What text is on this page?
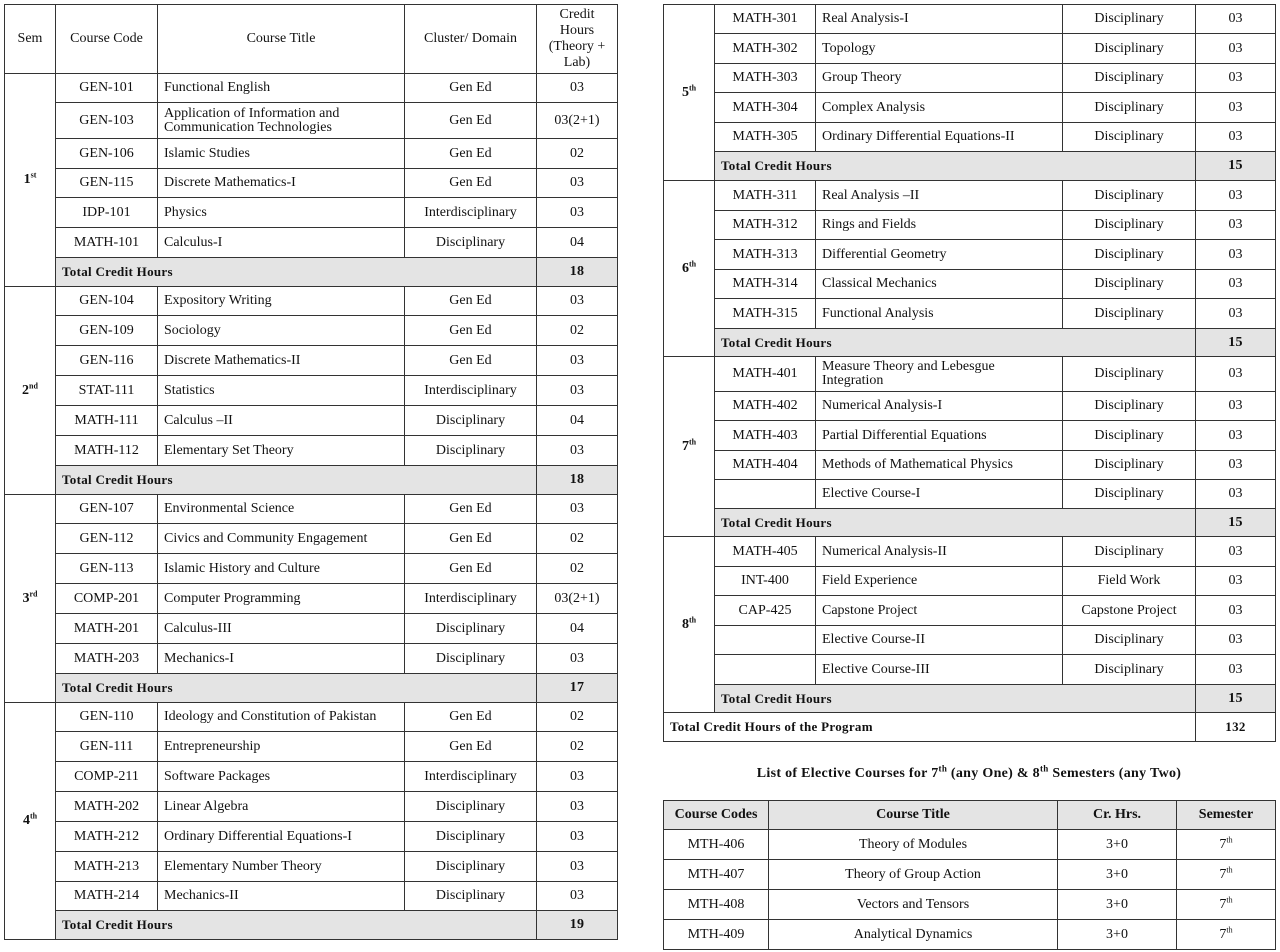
Sem	Course Code	Course Title	Cluster/ Domain	Credit Hours (Theory + Lab)
1st	GEN-101	Functional English	Gen Ed	03
	GEN-103	Application of Information and Communication Technologies	Gen Ed	03(2+1)
	GEN-106	Islamic Studies	Gen Ed	02
	GEN-115	Discrete Mathematics-I	Gen Ed	03
	IDP-101	Physics	Interdisciplinary	03
	MATH-101	Calculus-I	Disciplinary	04
	Total Credit Hours			18
2nd	GEN-104	Expository Writing	Gen Ed	03
	GEN-109	Sociology	Gen Ed	02
	GEN-116	Discrete Mathematics-II	Gen Ed	03
	STAT-111	Statistics	Interdisciplinary	03
	MATH-111	Calculus –II	Disciplinary	04
	MATH-112	Elementary Set Theory	Disciplinary	03
	Total Credit Hours			18
3rd	GEN-107	Environmental Science	Gen Ed	03
	GEN-112	Civics and Community Engagement	Gen Ed	02
	GEN-113	Islamic History and Culture	Gen Ed	02
	COMP-201	Computer Programming	Interdisciplinary	03(2+1)
	MATH-201	Calculus-III	Disciplinary	04
	MATH-203	Mechanics-I	Disciplinary	03
	Total Credit Hours			17
4th	GEN-110	Ideology and Constitution of Pakistan	Gen Ed	02
	GEN-111	Entrepreneurship	Gen Ed	02
	COMP-211	Software Packages	Interdisciplinary	03
	MATH-202	Linear Algebra	Disciplinary	03
	MATH-212	Ordinary Differential Equations-I	Disciplinary	03
	MATH-213	Elementary Number Theory	Disciplinary	03
	MATH-214	Mechanics-II	Disciplinary	03
	Total Credit Hours			19
5th	MATH-301	Real Analysis-I	Disciplinary	03
	MATH-302	Topology	Disciplinary	03
	MATH-303	Group Theory	Disciplinary	03
	MATH-304	Complex Analysis	Disciplinary	03
	MATH-305	Ordinary Differential Equations-II	Disciplinary	03
	Total Credit Hours			15
6th	MATH-311	Real Analysis –II	Disciplinary	03
	MATH-312	Rings and Fields	Disciplinary	03
	MATH-313	Differential Geometry	Disciplinary	03
	MATH-314	Classical Mechanics	Disciplinary	03
	MATH-315	Functional Analysis	Disciplinary	03
	Total Credit Hours			15
7th	MATH-401	Measure Theory and Lebesgue Integration	Disciplinary	03
	MATH-402	Numerical Analysis-I	Disciplinary	03
	MATH-403	Partial Differential Equations	Disciplinary	03
	MATH-404	Methods of Mathematical Physics	Disciplinary	03
		Elective Course-I	Disciplinary	03
	Total Credit Hours			15
8th	MATH-405	Numerical Analysis-II	Disciplinary	03
	INT-400	Field Experience	Field Work	03
	CAP-425	Capstone Project	Capstone Project	03
		Elective Course-II	Disciplinary	03
		Elective Course-III	Disciplinary	03
	Total Credit Hours			15
Total Credit Hours of the Program				132
List of Elective Courses for 7th (any One) & 8th Semesters (any Two)
Course Codes	Course Title	Cr. Hrs.	Semester
MTH-406	Theory of Modules	3+0	7th
MTH-407	Theory of Group Action	3+0	7th
MTH-408	Vectors and Tensors	3+0	7th
MTH-409	Analytical Dynamics	3+0	7th
